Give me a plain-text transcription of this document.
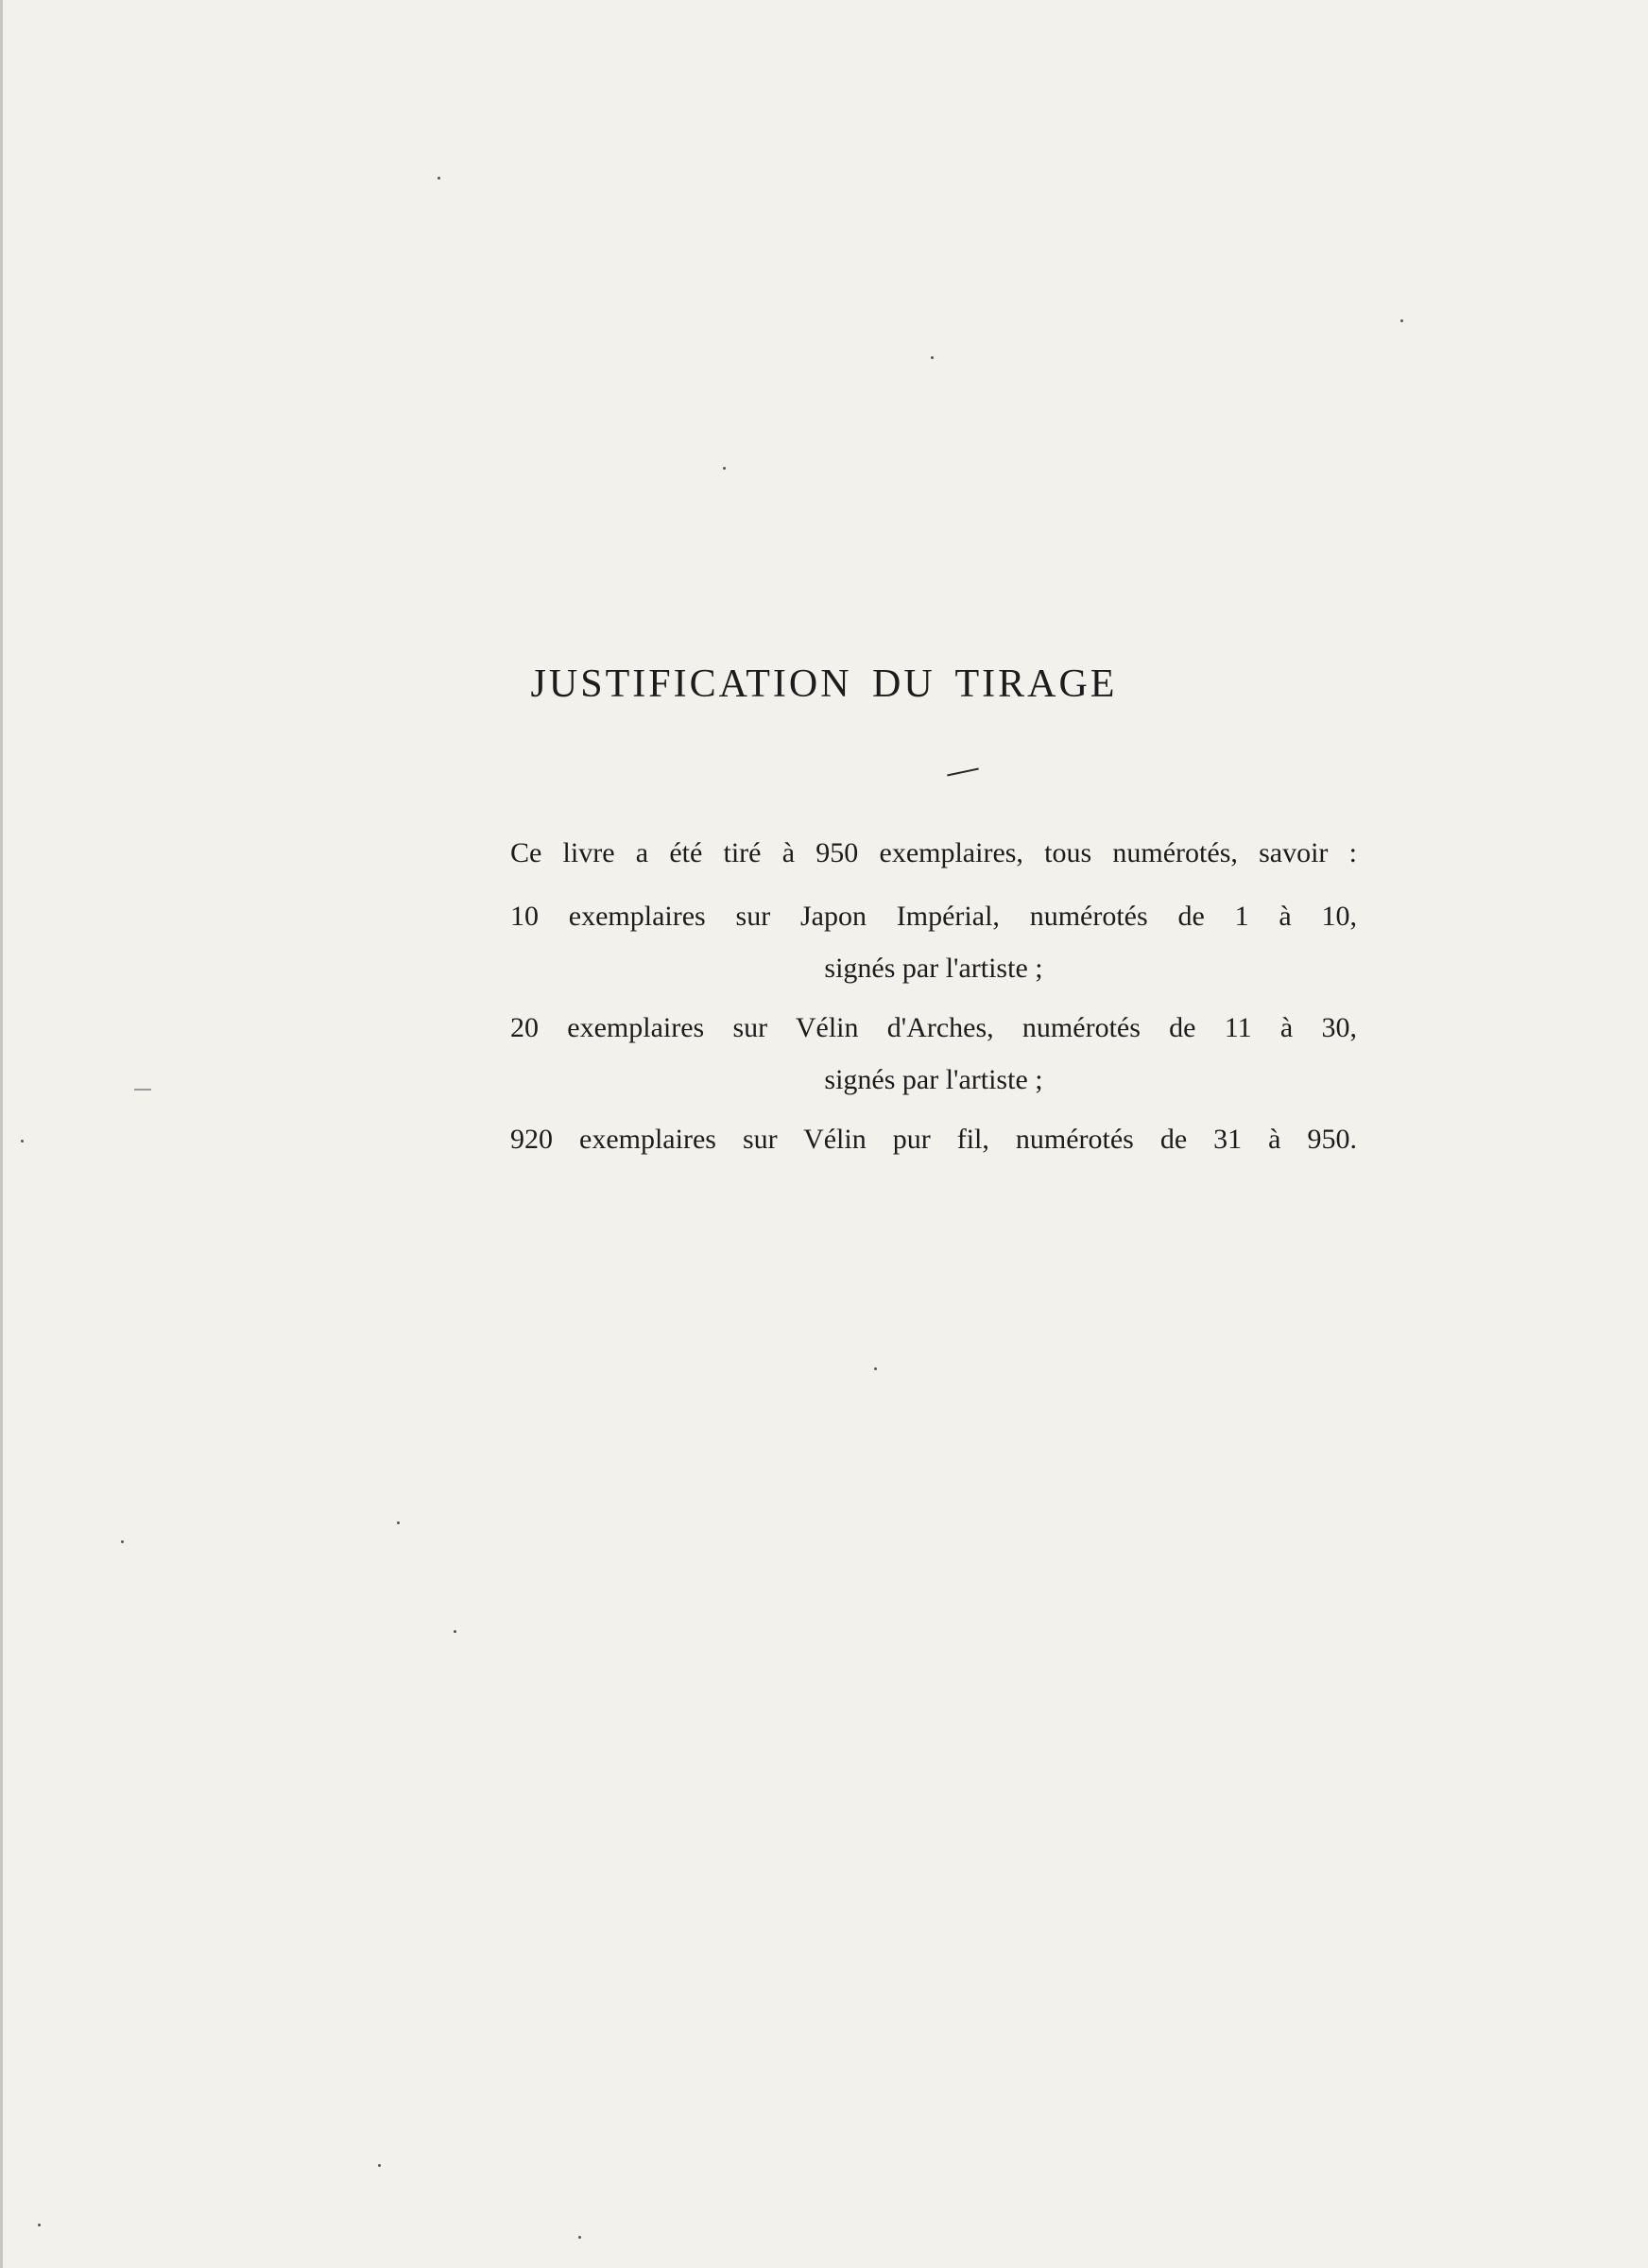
JUSTIFICATION DU TIRAGE

Ce livre a été tiré à 950 exemplaires, tous numérotés, savoir :

10 exemplaires sur Japon Impérial, numérotés de 1 à 10,

signés par l'artiste ;

20 exemplaires sur Vélin d'Arches, numérotés de 11 à 30,

signés par l'artiste ;

920 exemplaires sur Vélin pur fil, numérotés de 31 à 950.
